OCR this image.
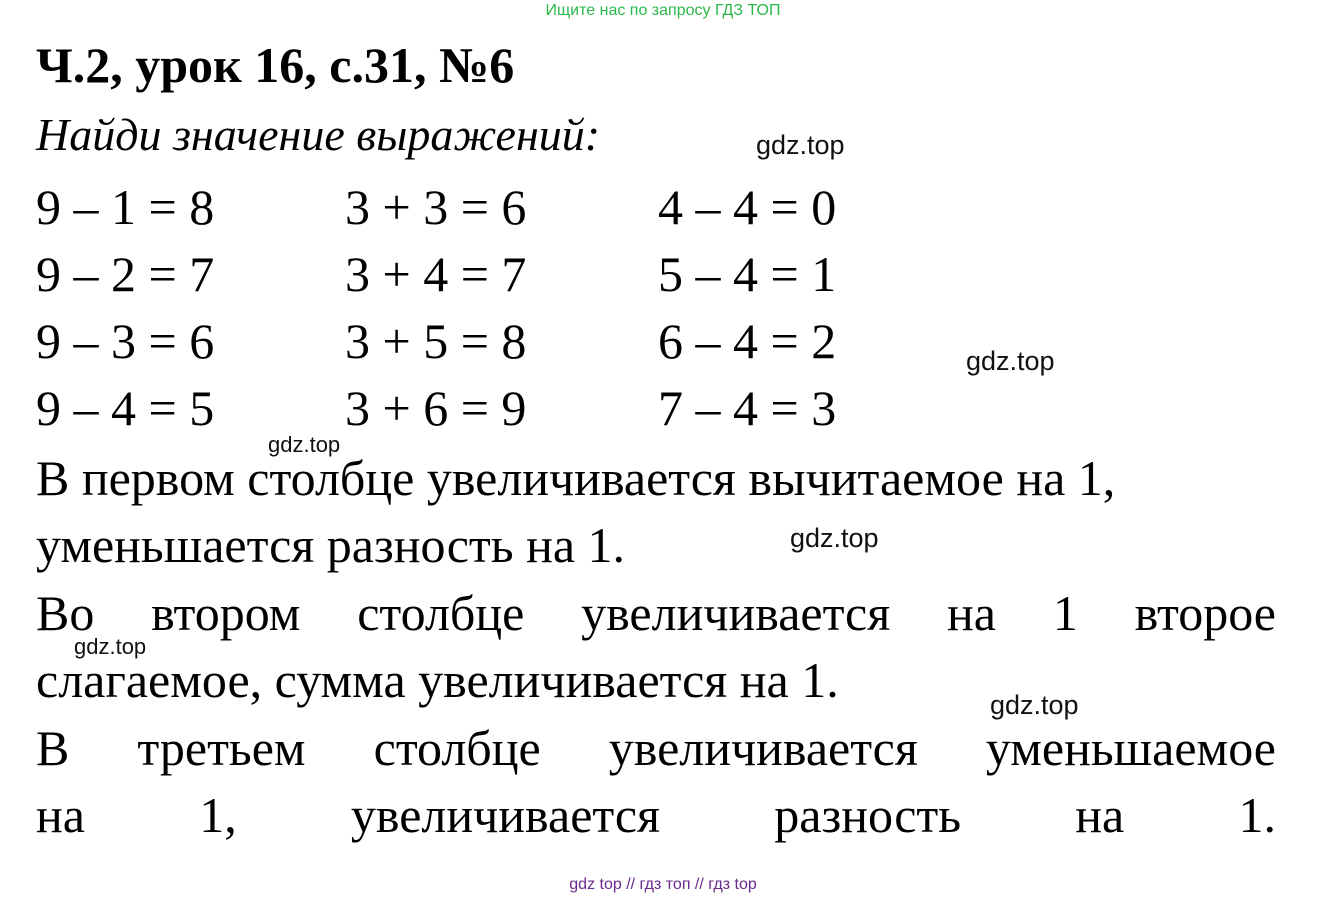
Ищите нас по запросу ГДЗ ТОП
Ч.2, урок 16, с.31, №6
Найди значение выражений:
9 – 1 = 8
9 – 2 = 7
9 – 3 = 6
9 – 4 = 5
3 + 3 = 6
3 + 4 = 7
3 + 5 = 8
3 + 6 = 9
4 – 4 = 0
5 – 4 = 1
6 – 4 = 2
7 – 4 = 3
В первом столбце увеличивается вычитаемое на 1,
уменьшается разность на 1.
Во втором столбце увеличивается на 1 второе
слагаемое, сумма увеличивается на 1.
В третьем столбце увеличивается уменьшаемое
на 1, увеличивается разность на 1.
gdz.top
gdz.top
gdz.top
gdz.top
gdz.top
gdz.top
gdz top // гдз топ // гдз top
